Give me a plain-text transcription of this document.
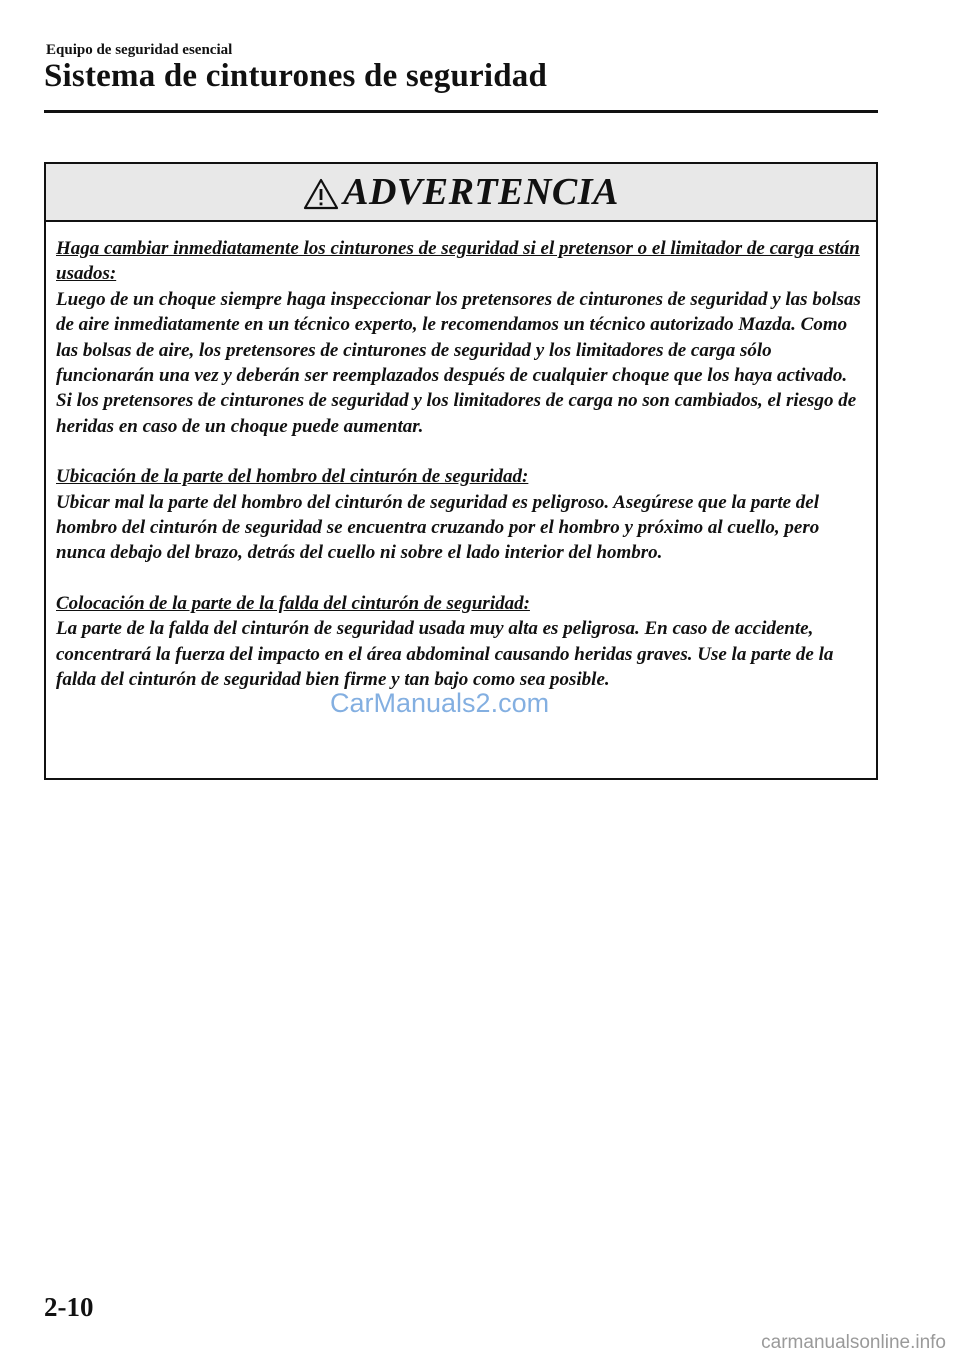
Equipo de seguridad esencial
Sistema de cinturones de seguridad
ADVERTENCIA
Haga cambiar inmediatamente los cinturones de seguridad si el pretensor o el limitador de carga están usados:
Luego de un choque siempre haga inspeccionar los pretensores de cinturones de seguridad y las bolsas de aire inmediatamente en un técnico experto, le recomendamos un técnico autorizado Mazda. Como las bolsas de aire, los pretensores de cinturones de seguridad y los limitadores de carga sólo funcionarán una vez y deberán ser reemplazados después de cualquier choque que los haya activado. Si los pretensores de cinturones de seguridad y los limitadores de carga no son cambiados, el riesgo de heridas en caso de un choque puede aumentar.
Ubicación de la parte del hombro del cinturón de seguridad:
Ubicar mal la parte del hombro del cinturón de seguridad es peligroso. Asegúrese que la parte del hombro del cinturón de seguridad se encuentra cruzando por el hombro y próximo al cuello, pero nunca debajo del brazo, detrás del cuello ni sobre el lado interior del hombro.
Colocación de la parte de la falda del cinturón de seguridad:
La parte de la falda del cinturón de seguridad usada muy alta es peligrosa. En caso de accidente, concentrará la fuerza del impacto en el área abdominal causando heridas graves. Use la parte de la falda del cinturón de seguridad bien firme y tan bajo como sea posible.
CarManuals2.com
2-10
carmanualsonline.info
